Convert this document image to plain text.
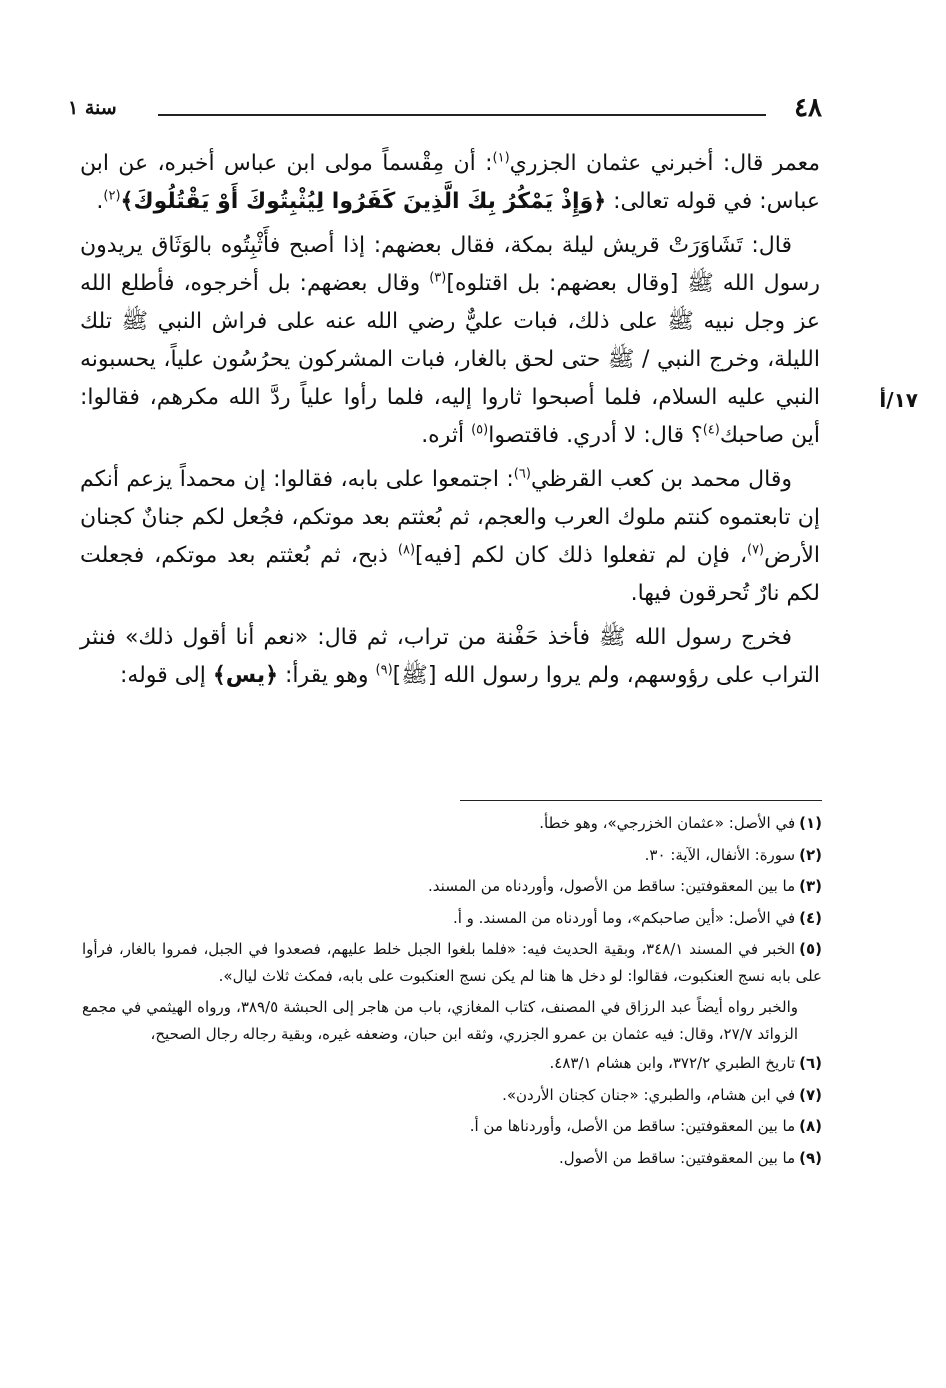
سنة ١	٤٨
١٧/أ

معمر قال: أخبرني عثمان الجزري$^{(١)}$: أن مِقْسماً مولى ابن عباس أخبره، عن ابن عباس: في قوله تعالى: ﴿وَإِذْ يَمْكُرُ بِكَ الَّذِينَ كَفَرُوا لِيُثْبِتُوكَ أَوْ يَقْتُلُوكَ﴾$^{(٢)}$.

قال: تَشَاوَرَتْ قريش ليلة بمكة، فقال بعضهم: إذا أصبح فأَثْبِتُوه بالوَثَاق يريدون رسول الله ﷺ [وقال بعضهم: بل اقتلوه]$^{(٣)}$ وقال بعضهم: بل أخرجوه، فأطلع الله عز وجل نبيه ﷺ على ذلك، فبات عليٌّ رضي الله عنه على فراش النبي ﷺ تلك الليلة، وخرج النبي / ﷺ حتى لحق بالغار، فبات المشركون يحرُسُون علياً، يحسبونه النبي عليه السلام، فلما أصبحوا ثاروا إليه، فلما رأوا علياً ردَّ الله مكرهم، فقالوا: أين صاحبك$^{(٤)}$؟ قال: لا أدري. فاقتصوا$^{(٥)}$ أثره.

وقال محمد بن كعب القرظي$^{(٦)}$: اجتمعوا على بابه، فقالوا: إن محمداً يزعم أنكم إن تابعتموه كنتم ملوك العرب والعجم، ثم بُعثتم بعد موتكم، فجُعل لكم جنانٌ كجنان الأرض$^{(٧)}$، فإن لم تفعلوا ذلك كان لكم [فيه]$^{(٨)}$ ذبح، ثم بُعثتم بعد موتكم، فجعلت لكم نارٌ تُحرقون فيها.

فخرج رسول الله ﷺ فأخذ حَفْنة من تراب، ثم قال: «نعم أنا أقول ذلك» فنثر التراب على رؤوسهم، ولم يروا رسول الله [ﷺ]$^{(٩)}$ وهو يقرأ: ﴿يس﴾ إلى قوله:

(١)في الأصل: «عثمان الخزرجي»، وهو خطأ.

(٢)سورة: الأنفال، الآية: ٣٠.

(٣)ما بين المعقوفتين: ساقط من الأصول، وأوردناه من المسند.

(٤)في الأصل: «أين صاحبكم»، وما أوردناه من المسند. و أ.

(٥)الخبر في المسند ٣٤٨/١، وبقية الحديث فيه: «فلما بلغوا الجبل خلط عليهم، فصعدوا في الجبل، فمروا بالغار، فرأوا على بابه نسج العنكبوت، فقالوا: لو دخل ها هنا لم يكن نسج العنكبوت على بابه، فمكث ثلاث ليال».

والخبر رواه أيضاً عبد الرزاق في المصنف، كتاب المغازي، باب من هاجر إلى الحبشة ٣٨٩/٥، ورواه الهيثمي في مجمع الزوائد ٢٧/٧، وقال: فيه عثمان بن عمرو الجزري، وثقه ابن حبان، وضعفه غيره، وبقية رجاله رجال الصحيح،

(٦)تاريخ الطبري ٣٧٢/٢، وابن هشام ٤٨٣/١.

(٧)في ابن هشام، والطبري: «جنان كجنان الأردن».

(٨)ما بين المعقوفتين: ساقط من الأصل، وأوردناها من أ.

(٩)ما بين المعقوفتين: ساقط من الأصول.
